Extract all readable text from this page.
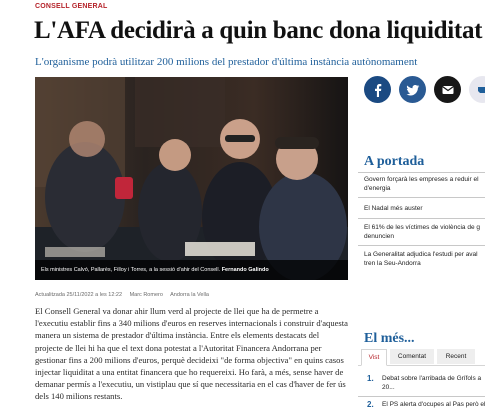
CONSELL GENERAL
L'AFA decidirà a quin banc dona liquiditat
L'organisme podrà utilitzar 200 milions del prestador d'última instància autònomament
Els ministres Calvó, Pallarès, Filloy i Torres, a la sessió d'ahir del Consell. Fernando Galindo
Actualitzada 25/11/2022 a les 12:22 Marc Romero Andorra la Vella

El Consell General va donar ahir llum verd al projecte de llei que ha de permetre a l'executiu establir fins a 340 milions d'euros en reserves internacionals i construir d'aquesta manera un sistema de prestador d'última instància. Entre els elements destacats del projecte de llei hi ha que el text dona potestat a l'Autoritat Financera Andorrana per gestionar fins a 200 milions d'euros, perquè decideixi "de forma objectiva" en quins casos injectar liquiditat a una entitat financera que ho requereixi. Ho farà, a més, sense haver de demanar permís a l'executiu, un vistiplau que sí que necessitaria en el cas d'haver de fer ús dels 140 milions restants.

A portada
Govern forçarà les empreses a reduir el
d'energia
El Nadal més auster
El 61% de les víctimes de violència de g
denuncien
La Generalitat adjudica l'estudi per aval
tren la Seu-Andorra
El més...
Vist	Comentat	Recent
1. Debat sobre l'arribada de Grífols a
20...
2. El PS alerta d'ocupes al Pas però el
